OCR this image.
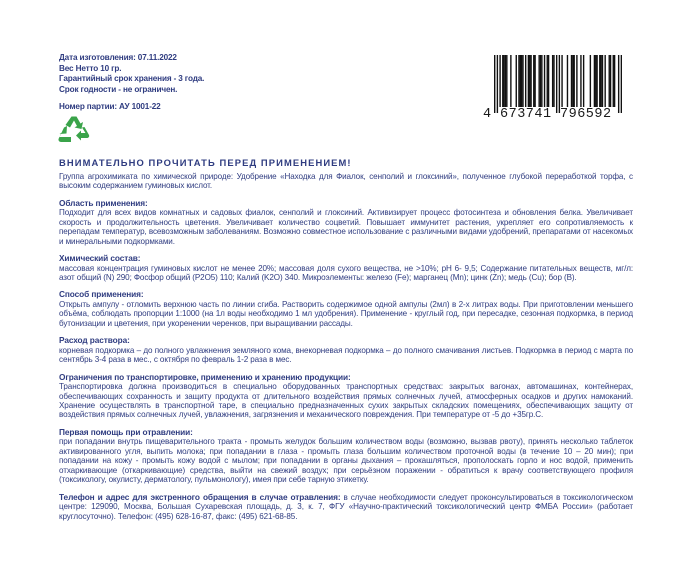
Дата изготовления: 07.11.2022

Вес Нетто 10 гр.

Гарантийный срок хранения - 3 года.

Срок годности - не ограничен.

Номер партии: АУ 1001-22

4 673741 796592
ВНИМАТЕЛЬНО ПРОЧИТАТЬ ПЕРЕД ПРИМЕНЕНИЕМ!

Группа агрохимиката по химической природе: Удобрение «Находка для Фиалок, сенполий и глоксиний», полученное глубокой переработкой торфа, с высоким содержанием гуминовых кислот.

Область применения:

Подходит для всех видов комнатных и садовых фиалок, сенполий и глоксиний. Активизирует процесс фотосинтеза и обновления белка. Увеличивает скорость и продолжительность цветения. Увеличивает количество соцветий. Повышает иммунитет растения, укрепляет его сопротивляемость к перепадам температур, всевозможным заболеваниям. Возможно совместное использование с различными видами удобрений, препаратами от насекомых и минеральными подкормками.

Химический состав:

массовая концентрация гуминовых кислот не менее 20%; массовая доля сухого вещества, не >10%; pH 6- 9,5; Содержание питательных веществ, мг/л: азот общий (N) 290; Фосфор общий (P2O5) 110; Калий (K2O) 340. Микроэлементы: железо (Fe); марганец (Mn); цинк (Zn); медь (Cu); бор (B).

Способ применения:

Открыть ампулу - отломить верхнюю часть по линии сгиба. Растворить содержимое одной ампулы (2мл) в 2-х литрах воды. При приготовлении меньшего объёма, соблюдать пропорции 1:1000 (на 1л воды необходимо 1 мл удобрения). Применение - круглый год, при пересадке, сезонная подкормка, в период бутонизации и цветения, при укоренении черенков, при выращивании рассады.

Расход раствора:

корневая подкормка – до полного увлажнения земляного кома, внекорневая подкормка – до полного смачивания листьев. Подкормка в период с марта по сентябрь 3-4 раза в мес., с октября по февраль 1-2 раза в мес.

Ограничения по транспортировке, применению и хранению продукции:

Транспортировка должна производиться в специально оборудованных транспортных средствах: закрытых вагонах, автомашинах, контейнерах, обеспечивающих сохранность и защиту продукта от длительного воздействия прямых солнечных лучей, атмосферных осадков и других намоканий. Хранение осуществлять в транспортной таре, в специально предназначенных сухих закрытых складских помещениях, обеспечивающих защиту от воздействия прямых солнечных лучей, увлажнения, загрязнения и механического повреждения. При температуре от -5 до +35гр.С.

Первая помощь при отравлении:

при попадании внутрь пищеварительного тракта - промыть желудок большим количеством воды (возможно, вызвав рвоту), принять несколько таблеток активированного угля, выпить молока; при попадании в глаза - промыть глаза большим количеством проточной воды (в течение 10 – 20 мин); при попадании на кожу - промыть кожу водой с мылом; при попадании в органы дыхания – прокашляться, прополоскать горло и нос водой, применить отхаркивающие (откаркивающие) средства, выйти на свежий воздух; при серьёзном поражении - обратиться к врачу соответствующего профиля (токсикологу, окулисту, дерматологу, пульмонологу), имея при себе тарную этикетку.

Телефон и адрес для экстренного обращения в случае отравления: в случае необходимости следует проконсультироваться в токсикологическом центре: 129090, Москва, Большая Сухаревская площадь, д. 3, к. 7, ФГУ «Научно-практический токсикологический центр ФМБА России» (работает круглосуточно). Телефон: (495) 628-16-87, факс: (495) 621-68-85.
